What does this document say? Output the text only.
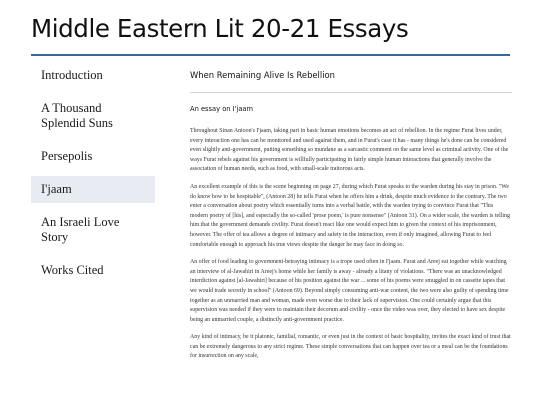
Middle Eastern Lit 20-21 Essays
Introduction
A Thousand Splendid Suns
Persepolis
I'jaam
An Israeli Love Story
Works Cited
When Remaining Alive Is Rebellion

An essay on I'jaam

Throughout Sinan Antoon's I'jaam, taking part in basic human emotions becomes an act of rebellion. In the regime Furat lives under, every interaction one has can be monitored and used against them, and in Furat's case it has - many things he's done can be considered even slightly anti-government, putting something so mundane as a sarcastic comment on the same level as criminal activity. One of the ways Furat rebels against his government is willfully participating in fairly simple human interactions that generally involve the association of human needs, such as food, with small-scale traitorous acts.

An excellent example of this is the scene beginning on page 27, during which Furat speaks to the warden during his stay in prison. "We do know how to be hospitable", (Antoon 28) he tells Furat when he offers him a drink, despite much evidence to the contrary. The two enter a conversation about poetry which essentially turns into a verbal battle, with the warden trying to convince Furat that "This modern poetry of [his], and especially the so-called 'prose poem,' is pure nonsense" (Antoon 31). On a wider scale, the warden is telling him that the government demands civility. Furat doesn't react like one would expect him to given the context of his imprisonment, however. The offer of tea allows a degree of intimacy and safety in the interaction, even if only imagined, allowing Furat to feel comfortable enough to approach his true views despite the danger he may face in doing so.

An offer of food leading to government-betraying intimacy is a trope used often in I'jaam. Furat and Areej eat together while watching an interview of al-Jawahiri in Areej's home while her family is away - already a litany of violations. "There was an unacknowledged interdiction against [al-Jawahiri] because of his position against the war ... some of his poems were smuggled in on cassette tapes that we would trade secretly in school" (Antoon 69). Beyond simply consuming anti-war content, the two were also guilty of spending time together as an unmarried man and woman, made even worse due to their lack of supervision. One could certainly argue that this supervision was needed if they were to maintain their decorum and civility - once the video was over, they elected to have sex despite being an unmarried couple, a distinctly anti-government practice.

Any kind of intimacy, be it platonic, familial, romantic, or even just in the context of basic hospitality, invites the exact kind of trust that can be extremely dangerous to any strict regime. These simple conversations that can happen over tea or a meal can be the foundations for insurrection on any scale,
